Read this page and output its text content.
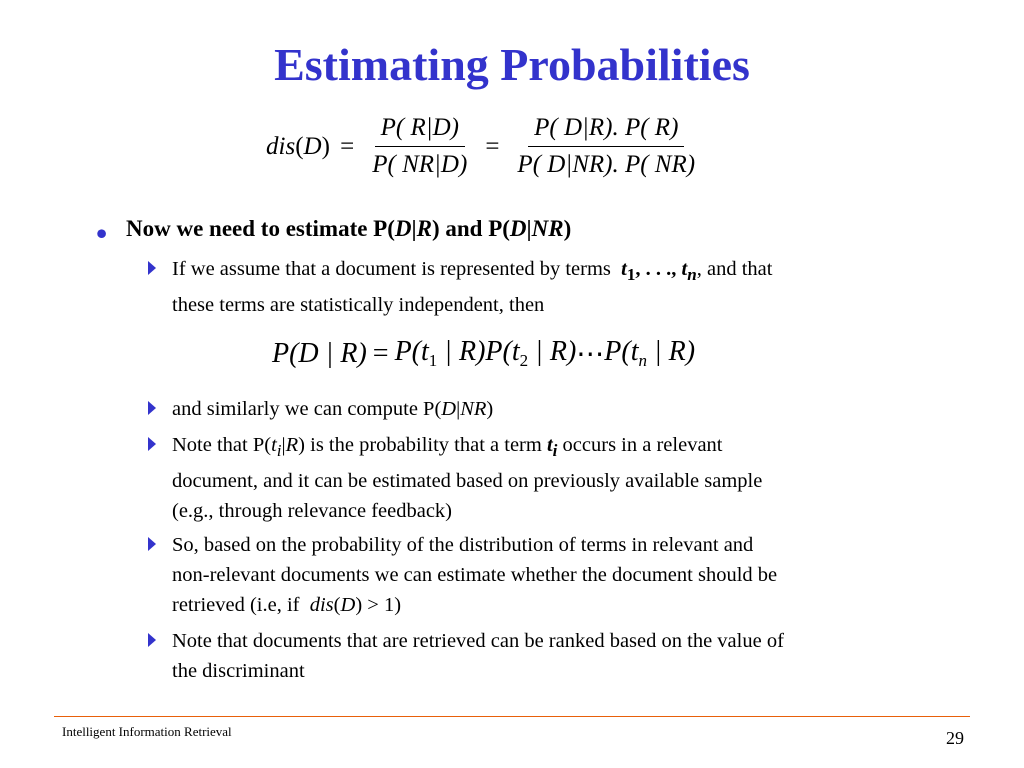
Estimating Probabilities
$dis(D) = \frac{P( R|D)}{P( NR|D)} = \frac{P( D|R). P( R)}{P( D|NR). P( NR)}$
• Now we need to estimate P(D|R) and P(D|NR)
If we assume that a document is represented by terms $t_1$, . . ., $t_n$, and that
these terms are statistically independent, then
P(D | $R) = P(t_1$ | R) $P(t_2$ | R) ⋯ $P(t_n$ | R)
and similarly we can compute P(D|NR)
Note that $P(t_i|R)$ is the probability that a term $t_i$ occurs in a relevant
document, and it can be estimated based on previously available sample
(e.g., through relevance feedback)
So, based on the probability of the distribution of terms in relevant and
non-relevant documents we can estimate whether the document should be
retrieved (i.e, if dis(D) > 1)
Note that documents that are retrieved can be ranked based on the value of
the discriminant
Intelligent Information Retrieval	29
